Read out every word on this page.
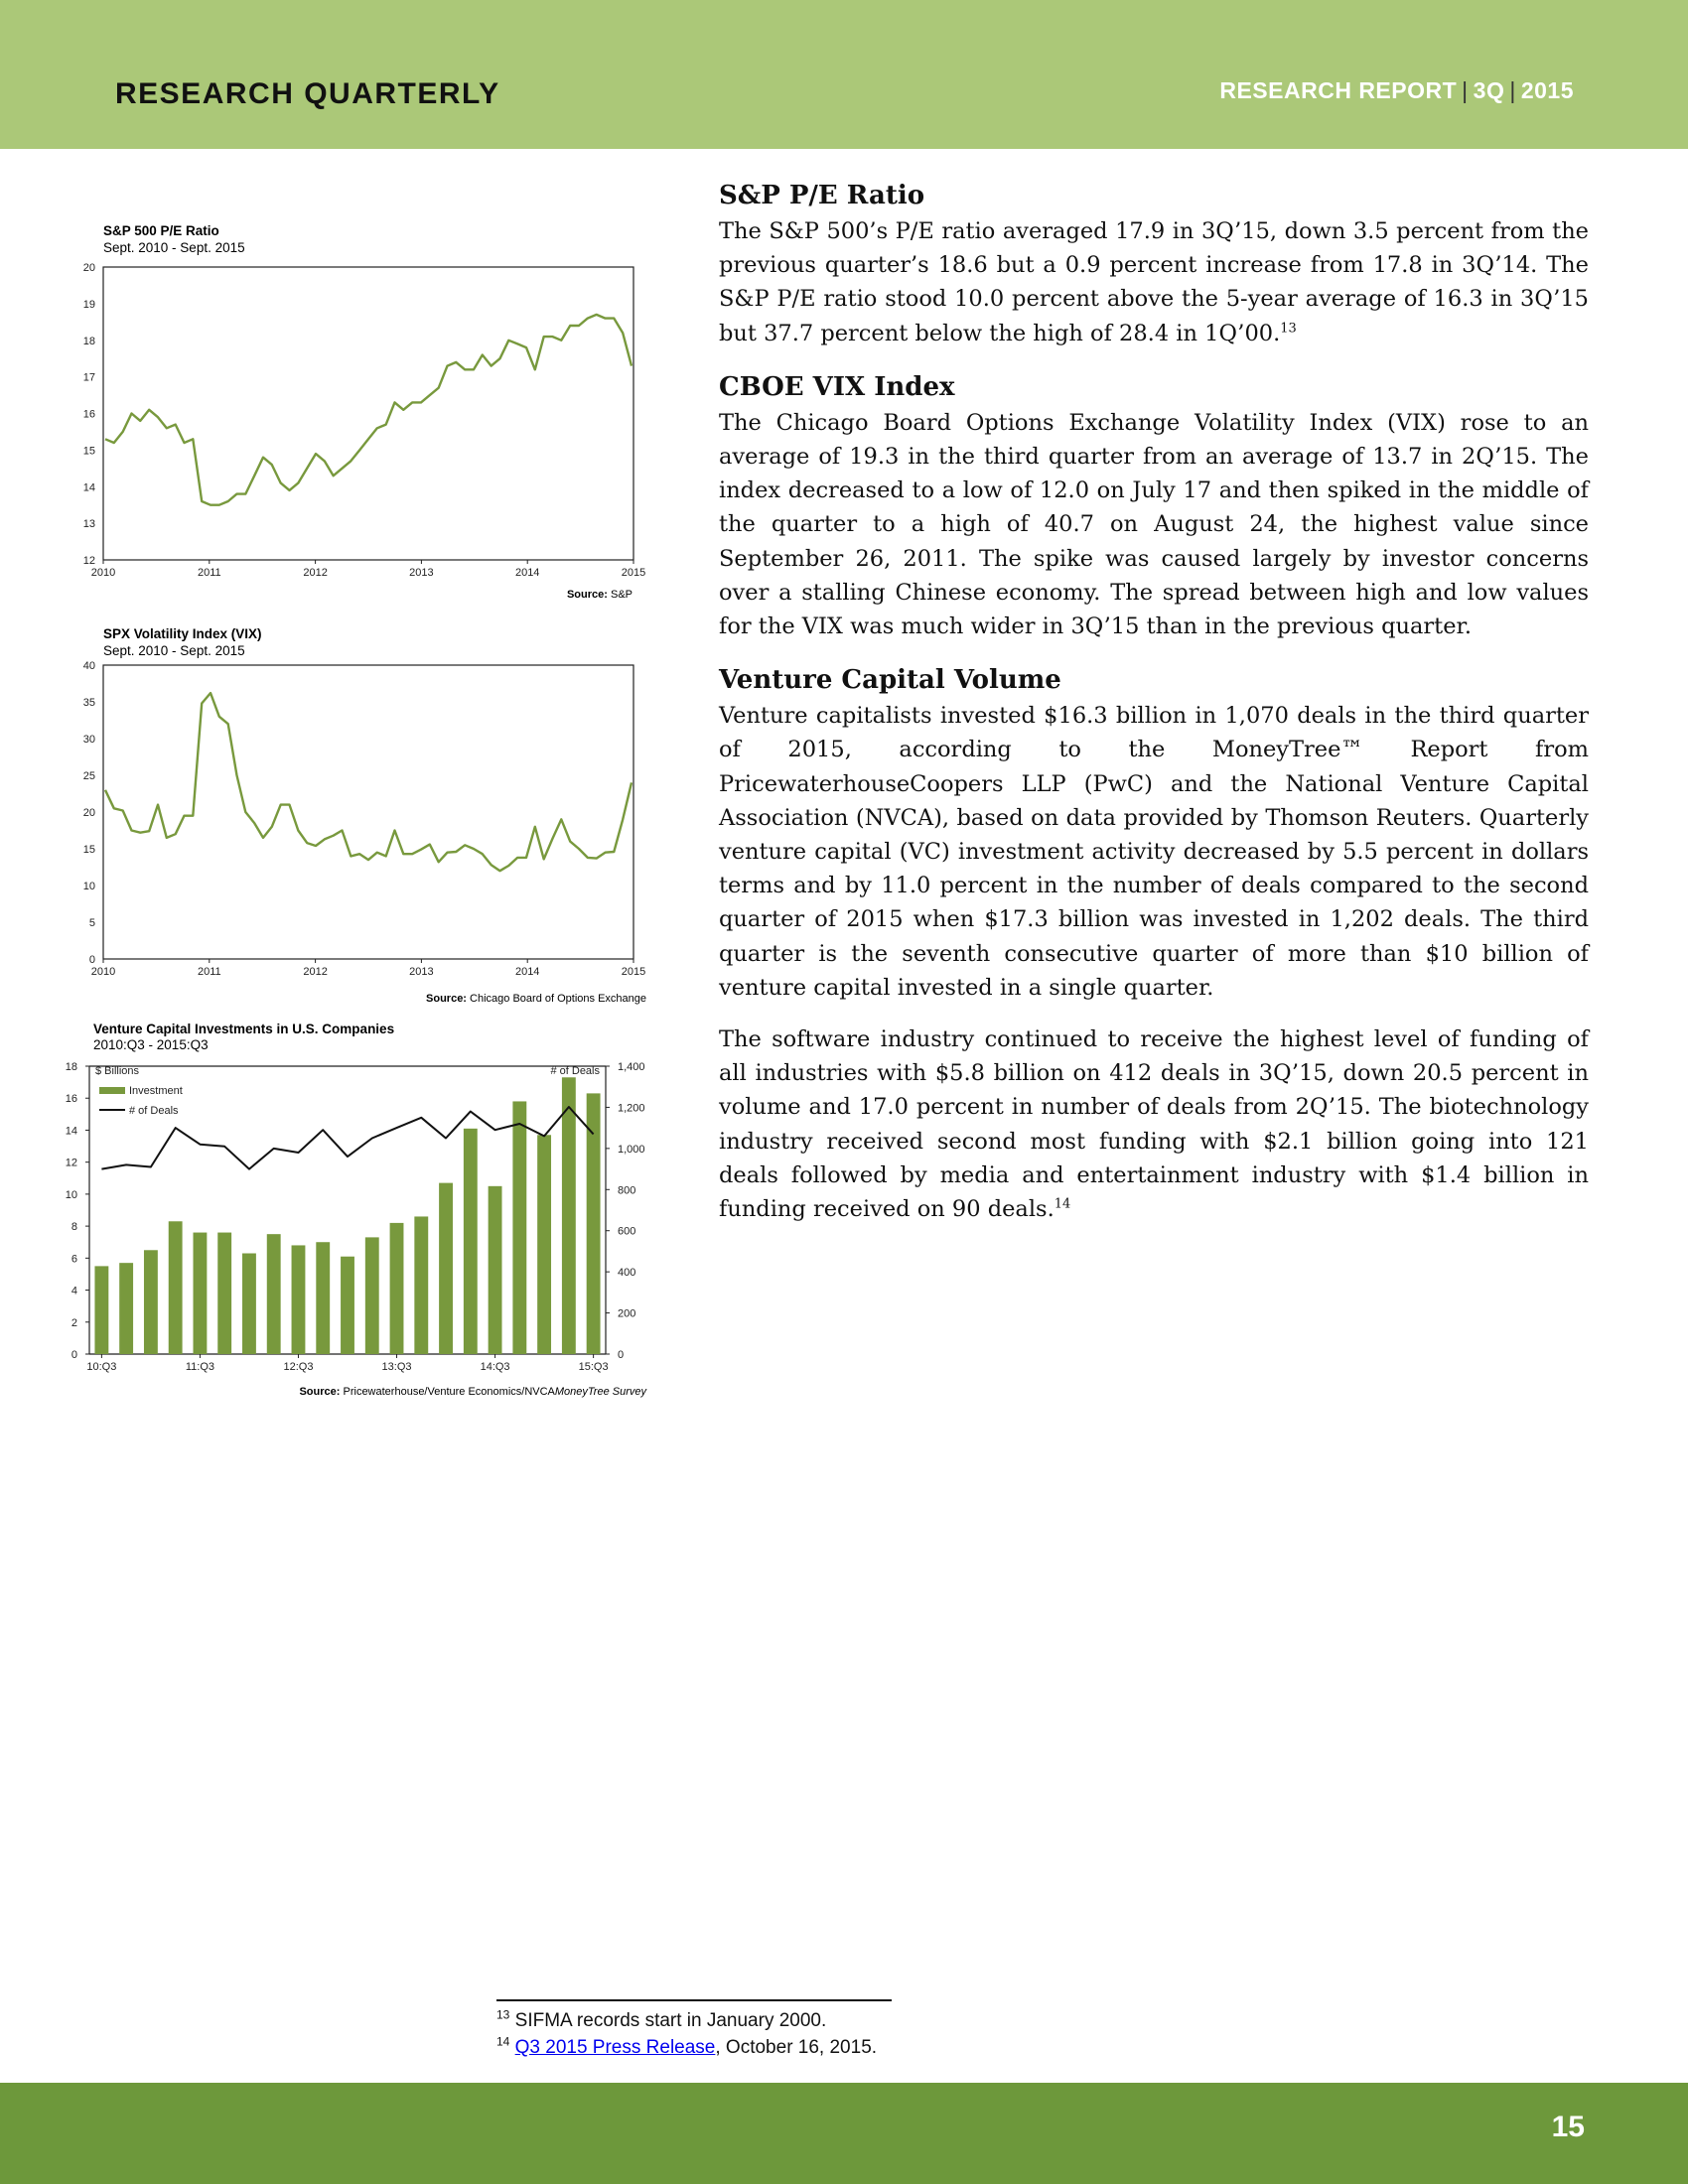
RESEARCH QUARTERLY	RESEARCH REPORT | 3Q | 2015
S&P 500 P/E Ratio
Sept. 2010 - Sept. 2015
Source: S&P
12
13
14
15
16
17
18
19
20
2010	2011	2012	2013	2014	2015
SPX Volatility Index (VIX)
Sept. 2010 - Sept. 2015
Source: Chicago Board of Options Exchange
0
5
10
15
20
25
30
35
40
2010	2011	2012	2013	2014	2015
Venture Capital Investments in U.S. Companies
2010:Q3 - 2015:Q3
Source: Pricewaterhouse/Venture Economics/NVCAMoneyTree Survey
0
2
4
6
8
10
12
14
16
18
0
200
400
600
800
1,000
1,200
1,400
$ Billions	# of Deals
10:Q3	11:Q3	12:Q3	13:Q3	14:Q3	15:Q3
Investment
# of Deals
S&P P/E Ratio

The S&P 500’s P/E ratio averaged 17.9 in 3Q’15, down 3.5 percent from the previous quarter’s 18.6 but a 0.9 percent increase from 17.8 in 3Q’14. The S&P P/E ratio stood 10.0 percent above the 5-year average of 16.3 in 3Q’15 but 37.7 percent below the high of 28.4 in 1Q’00.13

CBOE VIX Index

The Chicago Board Options Exchange Volatility Index (VIX) rose to an average of 19.3 in the third quarter from an average of 13.7 in 2Q’15. The index decreased to a low of 12.0 on July 17 and then spiked in the middle of the quarter to a high of 40.7 on August 24, the highest value since September 26, 2011. The spike was caused largely by investor concerns over a stalling Chinese economy. The spread between high and low values for the VIX was much wider in 3Q’15 than in the previous quarter.

Venture Capital Volume

Venture capitalists invested $16.3 billion in 1,070 deals in the third quarter of 2015, according to the MoneyTree™ Report from PricewaterhouseCoopers LLP (PwC) and the National Venture Capital Association (NVCA), based on data provided by Thomson Reuters. Quarterly venture capital (VC) investment activity decreased by 5.5 percent in dollars terms and by 11.0 percent in the number of deals compared to the second quarter of 2015 when $17.3 billion was invested in 1,202 deals. The third quarter is the seventh consecutive quarter of more than $10 billion of venture capital invested in a single quarter.

The software industry continued to receive the highest level of funding of all industries with $5.8 billion on 412 deals in 3Q’15, down 20.5 percent in volume and 17.0 percent in number of deals from 2Q’15. The biotechnology industry received second most funding with $2.1 billion going into 121 deals followed by media and entertainment industry with $1.4 billion in funding received on 90 deals.$^{14}$

$^{13}$ SIFMA records start in January 2000.
$^{14}$ Q3 2015 Press Release, October 16, 2015.
15
